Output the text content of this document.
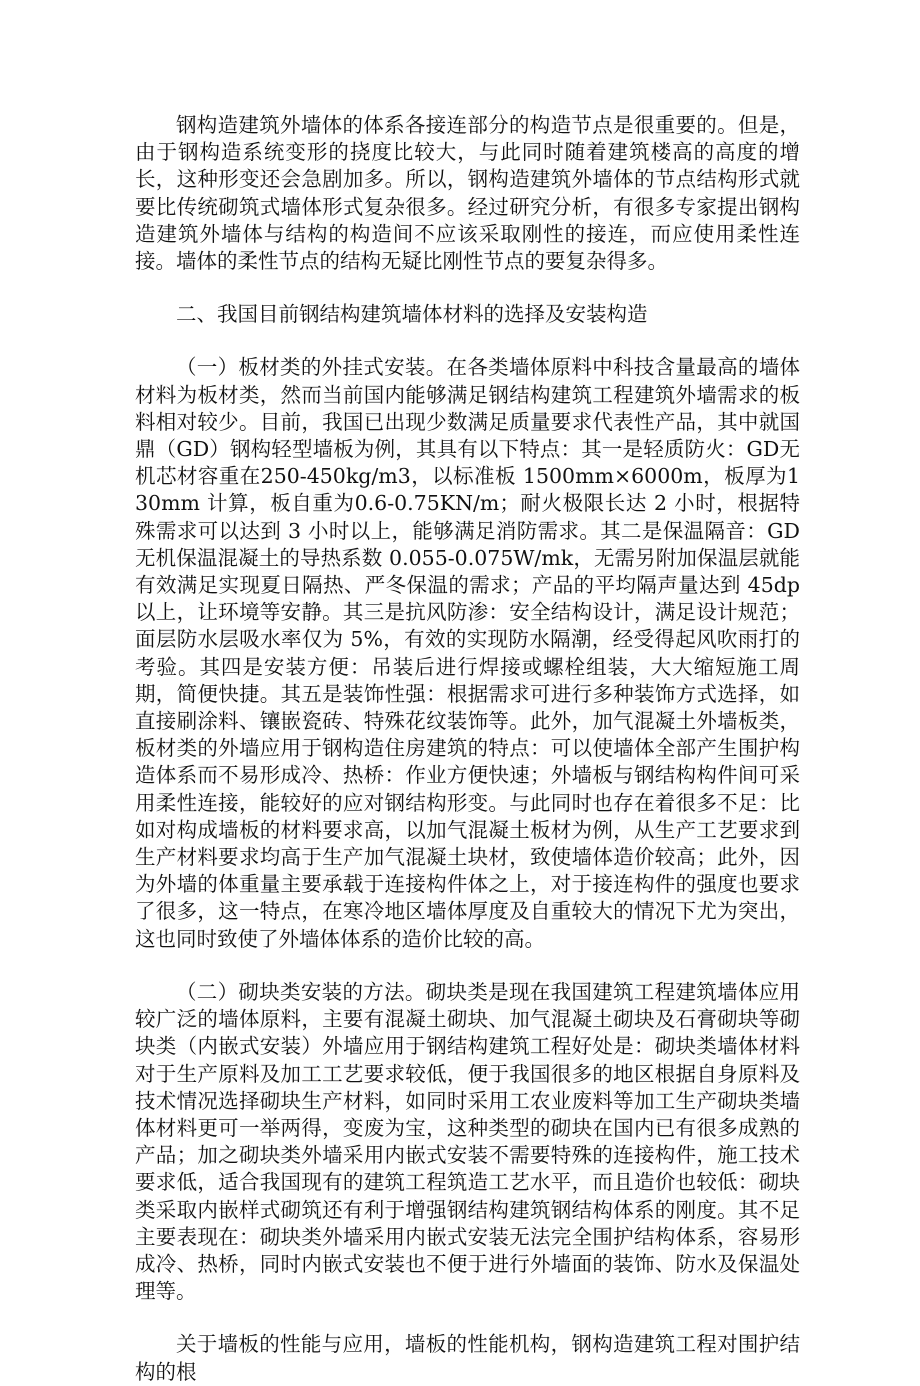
钢构造建筑外墙体的体系各接连部分的构造节点是很重要的。但是，由于钢构造系统变形的挠度比较大，与此同时随着建筑楼高的高度的增长，这种形变还会急剧加多。所以，钢构造建筑外墙体的节点结构形式就要比传统砌筑式墙体形式复杂很多。经过研究分析，有很多专家提出钢构造建筑外墙体与结构的构造间不应该采取刚性的接连，而应使用柔性连接。墙体的柔性节点的结构无疑比刚性节点的要复杂得多。

二、我国目前钢结构建筑墙体材料的选择及安装构造

（一）板材类的外挂式安装。在各类墙体原料中科技含量最高的墙体材料为板材类，然而当前国内能够满足钢结构建筑工程建筑外墙需求的板料相对较少。目前，我国已出现少数满足质量要求代表性产品，其中就国鼎（GD）钢构轻型墙板为例，其具有以下特点：其一是轻质防火：GD无机芯材容重在250-450kg/m3，以标准板 1500mm×6000m，板厚为130mm 计算，板自重为0.6-0.75KN/m；耐火极限长达 2 小时，根据特殊需求可以达到 3 小时以上，能够满足消防需求。其二是保温隔音：GD 无机保温混凝土的导热系数 0.055-0.075W/mk，无需另附加保温层就能有效满足实现夏日隔热、严冬保温的需求；产品的平均隔声量达到 45dp 以上，让环境等安静。其三是抗风防渗：安全结构设计，满足设计规范；面层防水层吸水率仅为 5%，有效的实现防水隔潮，经受得起风吹雨打的考验。其四是安装方便：吊装后进行焊接或螺栓组装，大大缩短施工周期，简便快捷。其五是装饰性强：根据需求可进行多种装饰方式选择，如直接刷涂料、镶嵌瓷砖、特殊花纹装饰等。此外，加气混凝土外墙板类，板材类的外墙应用于钢构造住房建筑的特点：可以使墙体全部产生围护构造体系而不易形成冷、热桥：作业方便快速；外墙板与钢结构构件间可采用柔性连接，能较好的应对钢结构形变。与此同时也存在着很多不足：比如对构成墙板的材料要求高，以加气混凝土板材为例，从生产工艺要求到生产材料要求均高于生产加气混凝土块材，致使墙体造价较高；此外，因为外墙的体重量主要承载于连接构件体之上，对于接连构件的强度也要求了很多，这一特点，在寒冷地区墙体厚度及自重较大的情况下尤为突出，这也同时致使了外墙体体系的造价比较的高。

（二）砌块类安装的方法。砌块类是现在我国建筑工程建筑墙体应用较广泛的墙体原料，主要有混凝土砌块、加气混凝土砌块及石膏砌块等砌块类（内嵌式安装）外墙应用于钢结构建筑工程好处是：砌块类墙体材料对于生产原料及加工工艺要求较低，便于我国很多的地区根据自身原料及技术情况选择砌块生产材料，如同时采用工农业废料等加工生产砌块类墙体材料更可一举两得，变废为宝，这种类型的砌块在国内已有很多成熟的产品；加之砌块类外墙采用内嵌式安装不需要特殊的连接构件，施工技术要求低，适合我国现有的建筑工程筑造工艺水平，而且造价也较低：砌块类采取内嵌样式砌筑还有利于增强钢结构建筑钢结构体系的刚度。其不足主要表现在：砌块类外墙采用内嵌式安装无法完全围护结构体系，容易形成冷、热桥，同时内嵌式安装也不便于进行外墙面的装饰、防水及保温处理等。

关于墙板的性能与应用，墙板的性能机构，钢构造建筑工程对围护结构的根
